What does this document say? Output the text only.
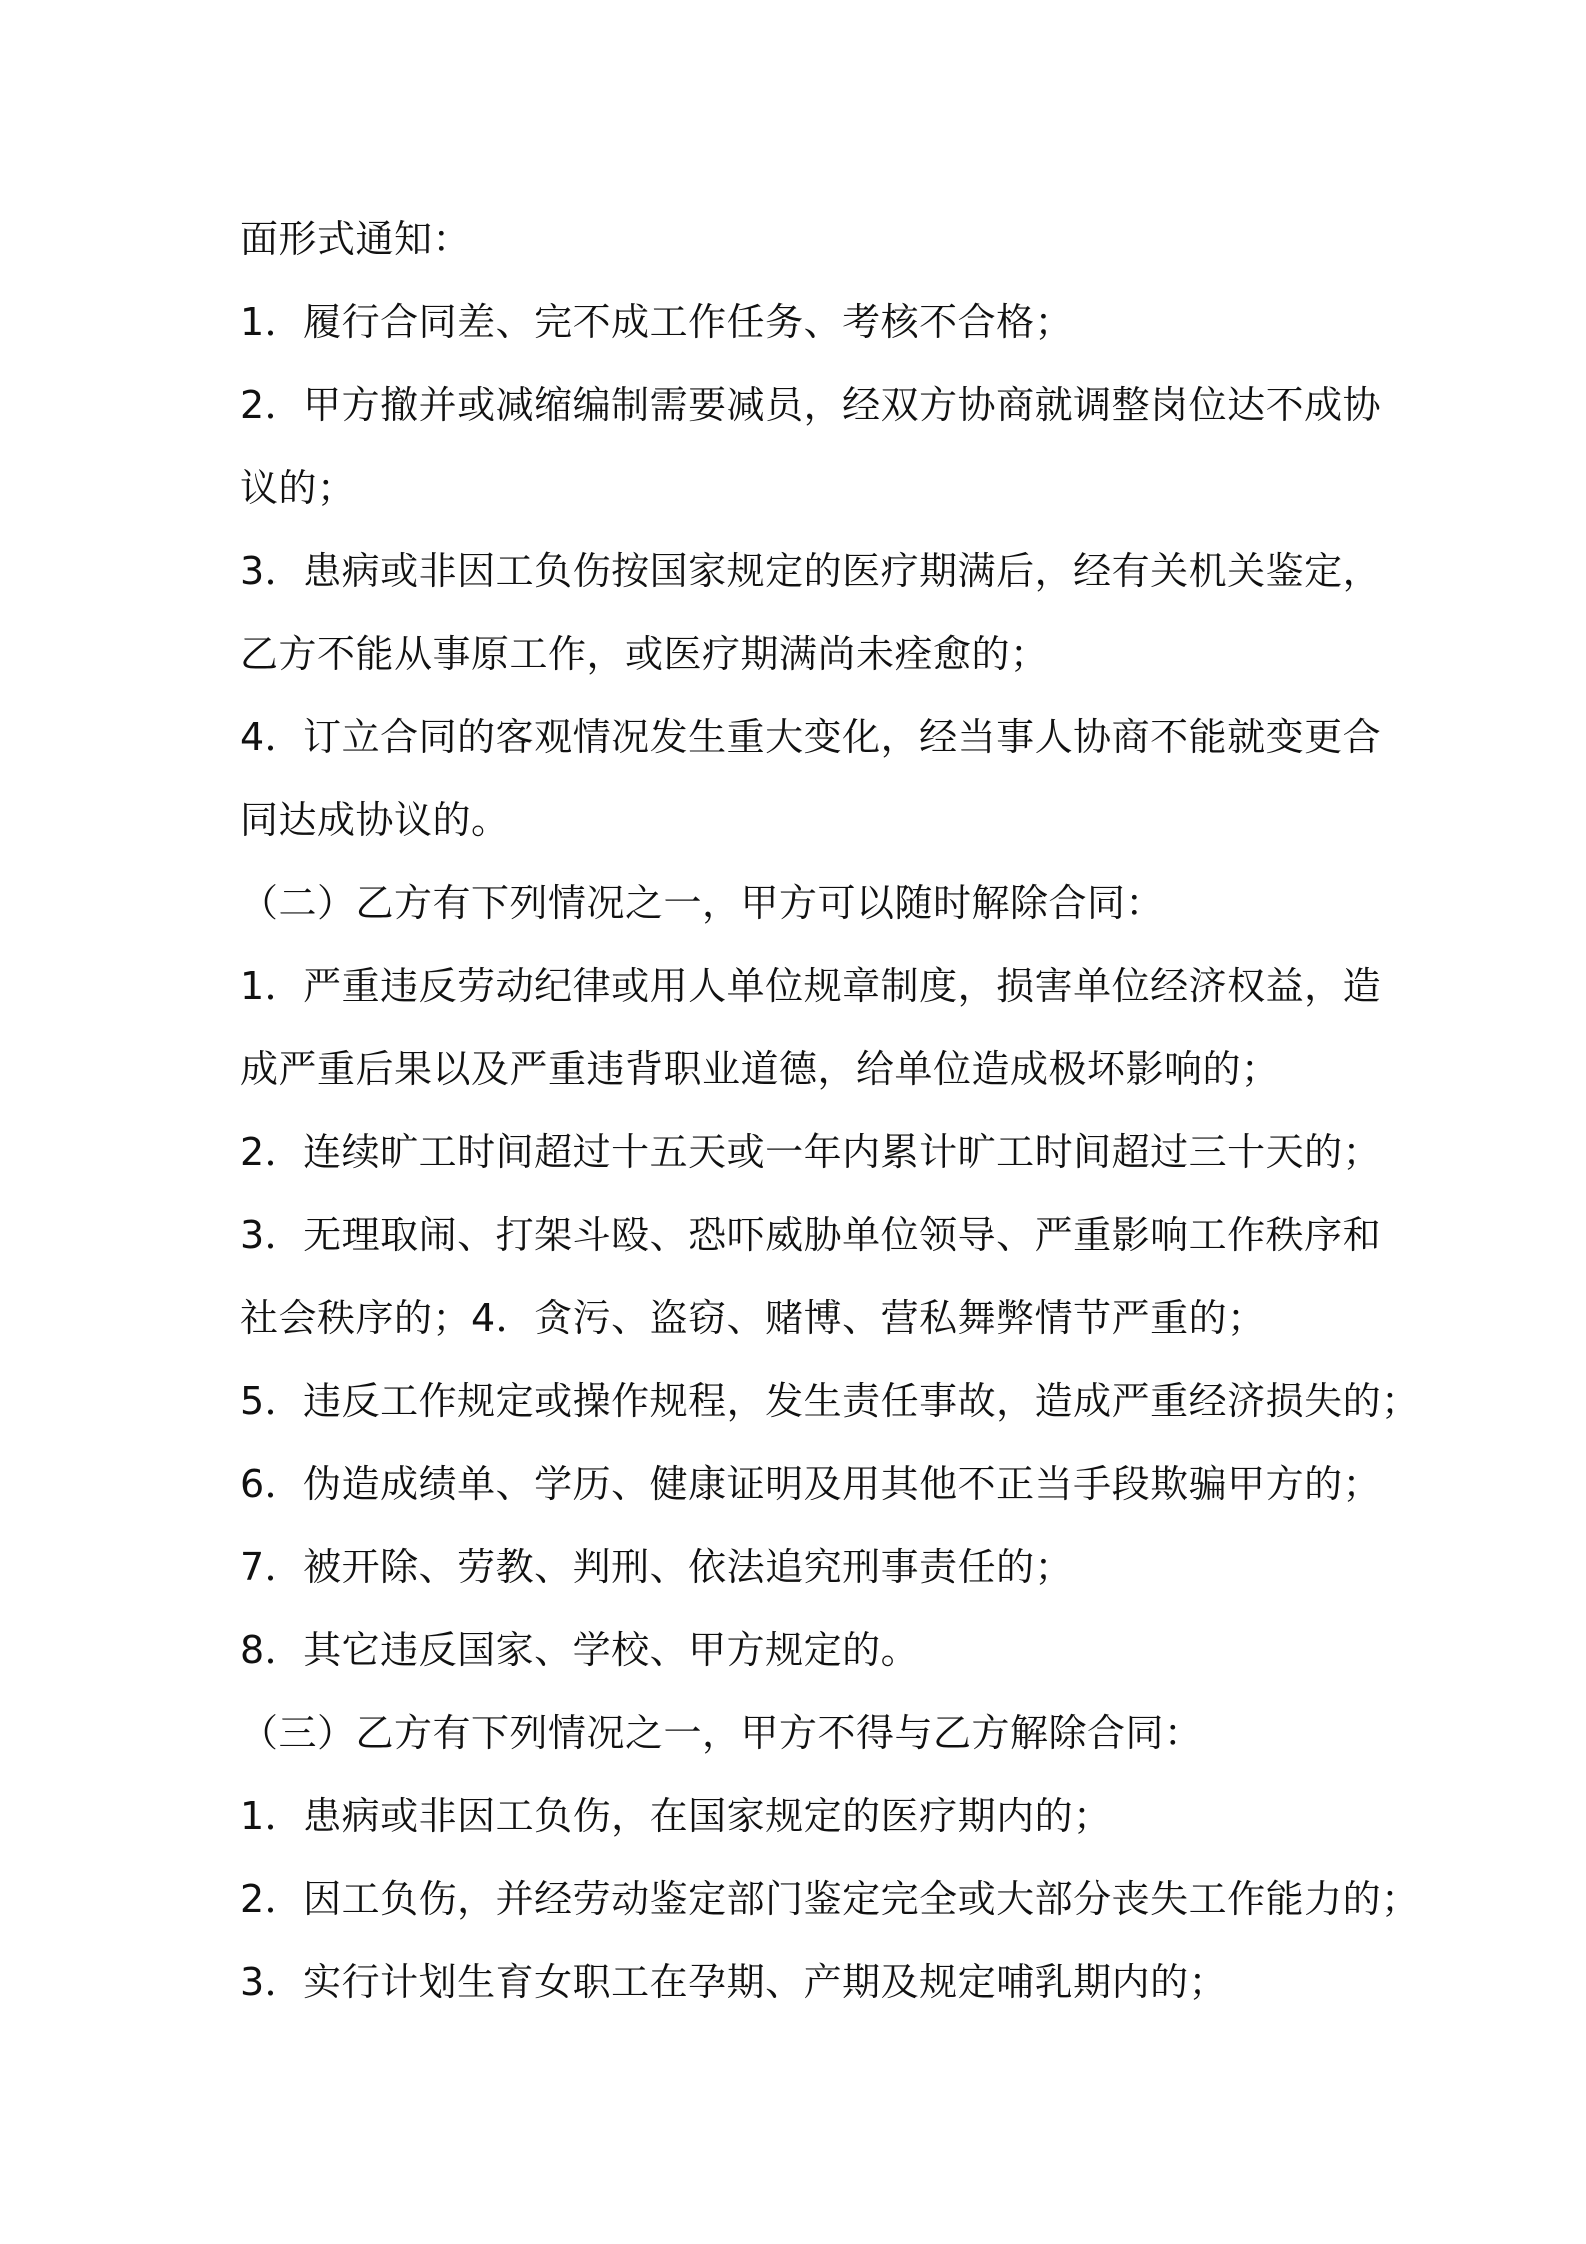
面形式通知：
1．履行合同差、完不成工作任务、考核不合格；
2．甲方撤并或减缩编制需要减员，经双方协商就调整岗位达不成协
议的；
3．患病或非因工负伤按国家规定的医疗期满后，经有关机关鉴定，
乙方不能从事原工作，或医疗期满尚未痊愈的；
4．订立合同的客观情况发生重大变化，经当事人协商不能就变更合
同达成协议的。
（二）乙方有下列情况之一，甲方可以随时解除合同：
1．严重违反劳动纪律或用人单位规章制度，损害单位经济权益，造
成严重后果以及严重违背职业道德，给单位造成极坏影响的；
2．连续旷工时间超过十五天或一年内累计旷工时间超过三十天的；
3．无理取闹、打架斗殴、恐吓威胁单位领导、严重影响工作秩序和
社会秩序的；4．贪污、盗窃、赌博、营私舞弊情节严重的；
5．违反工作规定或操作规程，发生责任事故，造成严重经济损失的；
6．伪造成绩单、学历、健康证明及用其他不正当手段欺骗甲方的；
7．被开除、劳教、判刑、依法追究刑事责任的；
8．其它违反国家、学校、甲方规定的。
（三）乙方有下列情况之一，甲方不得与乙方解除合同：
1．患病或非因工负伤，在国家规定的医疗期内的；
2．因工负伤，并经劳动鉴定部门鉴定完全或大部分丧失工作能力的；
3．实行计划生育女职工在孕期、产期及规定哺乳期内的；
